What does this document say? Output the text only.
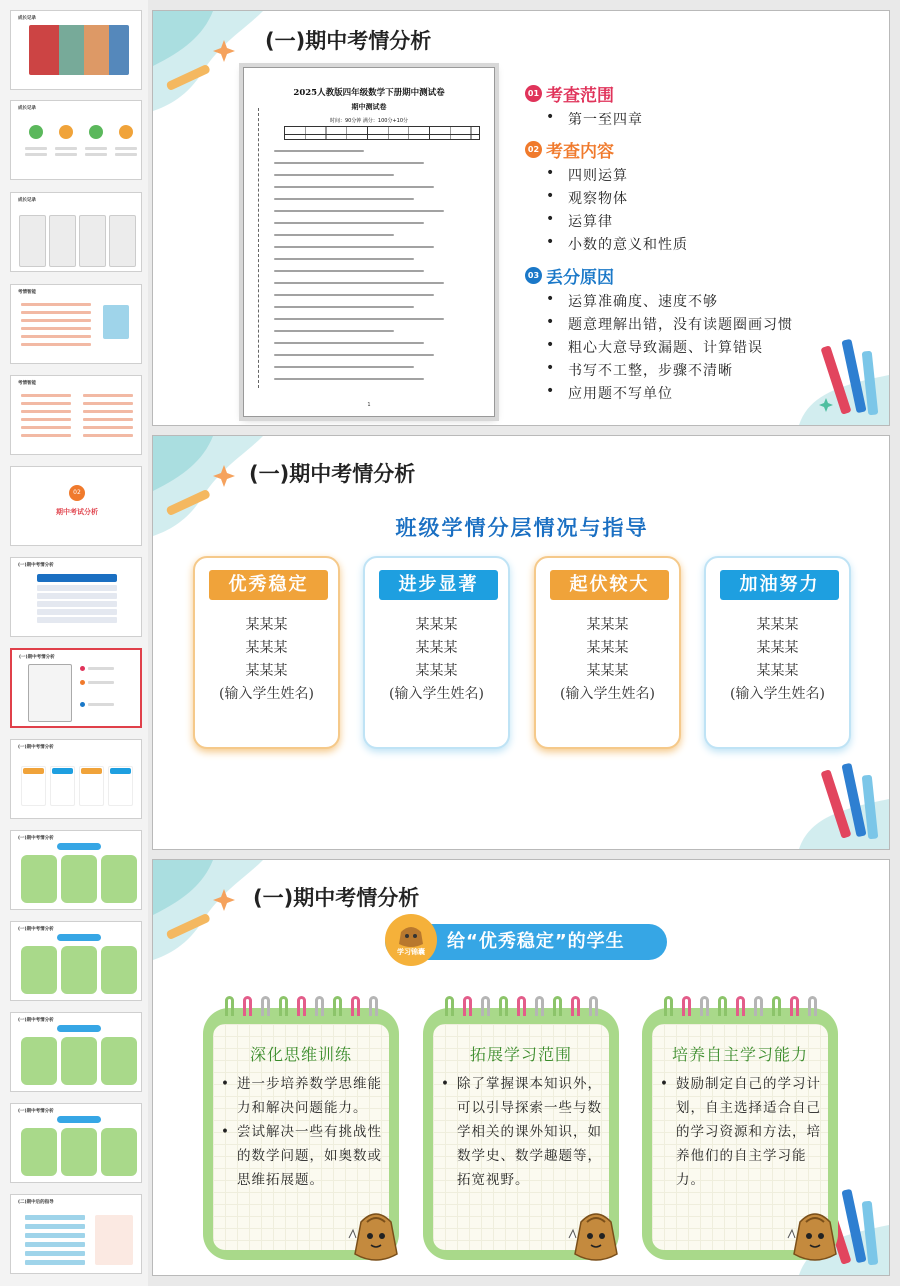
成长记录
成长记录
成长记录
考情智能
考情智能
02
期中考试分析
(一)期中考情分析
(一)期中考情分析
(一)期中考情分析
(一)期中考情分析
(一)期中考情分析
(一)期中考情分析
(一)期中考情分析
(二)期中后的指导
(一)期中考情分析
2025人教版四年级数学下册期中测试卷
期中测试卷
时间：90分钟 满分：100分+10分
1
01 考查范围
• 第一至四章
02 考查内容
• 四则运算
• 观察物体
• 运算律
• 小数的意义和性质
03 丢分原因
• 运算准确度、速度不够
• 题意理解出错，没有读题圈画习惯
• 粗心大意导致漏题、计算错误
• 书写不工整，步骤不清晰
• 应用题不写单位
(一)期中考情分析
班级学情分层情况与指导
优秀稳定
某某某
某某某
某某某
(输入学生姓名)
进步显著
某某某
某某某
某某某
(输入学生姓名)
起伏较大
某某某
某某某
某某某
(输入学生姓名)
加油努力
某某某
某某某
某某某
(输入学生姓名)
(一)期中考情分析
学习锦囊	给“优秀稳定”的学生
深化思维训练
• 进一步培养数学思维能力和解决问题能力。
• 尝试解决一些有挑战性的数学问题，如奥数或思维拓展题。
拓展学习范围
• 除了掌握课本知识外，可以引导探索一些与数学相关的课外知识，如数学史、数学趣题等，拓宽视野。
培养自主学习能力
• 鼓励制定自己的学习计划，自主选择适合自己的学习资源和方法，培养他们的自主学习能力。
